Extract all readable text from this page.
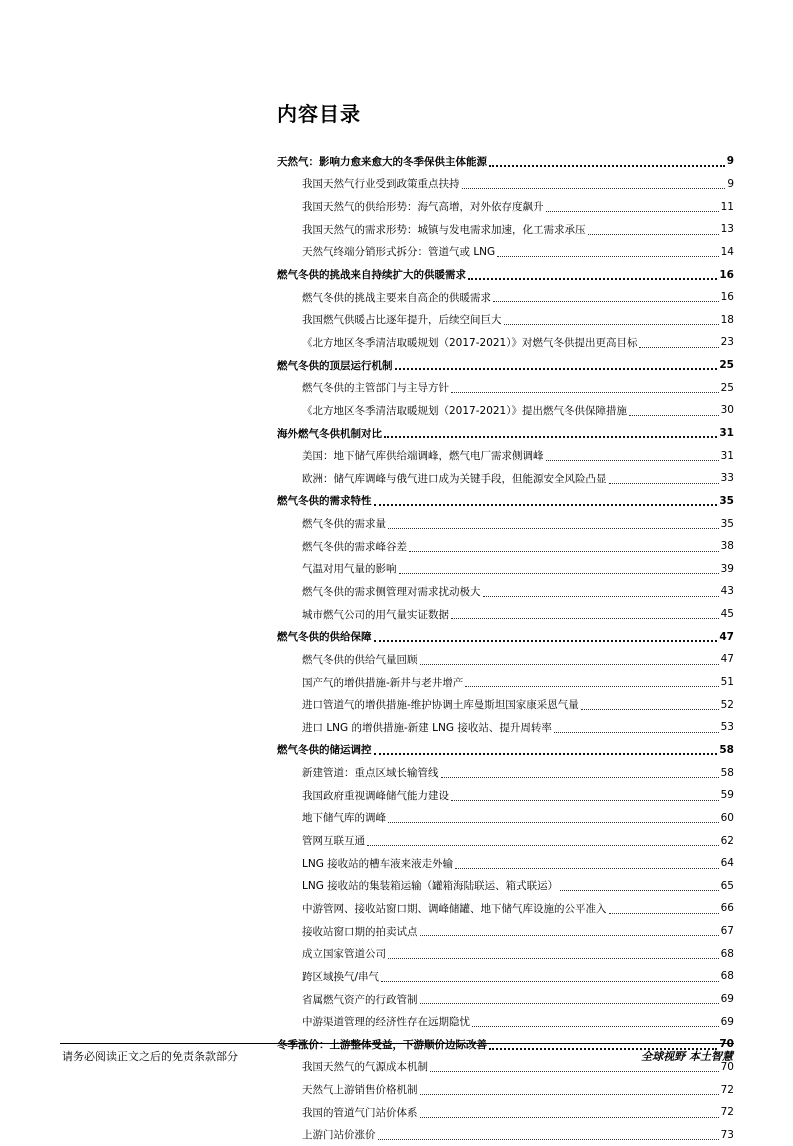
内容目录
天然气：影响力愈来愈大的冬季保供主体能源	9
我国天然气行业受到政策重点扶持	9
我国天然气的供给形势：海气高增，对外依存度飙升	11
我国天然气的需求形势：城镇与发电需求加速，化工需求承压	13
天然气终端分销形式拆分：管道气或 LNG	14
燃气冬供的挑战来自持续扩大的供暖需求	16
燃气冬供的挑战主要来自高企的供暖需求	16
我国燃气供暖占比逐年提升，后续空间巨大	18
《北方地区冬季清洁取暖规划（2017-2021）》对燃气冬供提出更高目标	23
燃气冬供的顶层运行机制	25
燃气冬供的主管部门与主导方针	25
《北方地区冬季清洁取暖规划（2017-2021）》提出燃气冬供保障措施	30
海外燃气冬供机制对比	31
美国：地下储气库供给端调峰，燃气电厂需求侧调峰	31
欧洲：储气库调峰与俄气进口成为关键手段，但能源安全风险凸显	33
燃气冬供的需求特性	35
燃气冬供的需求量	35
燃气冬供的需求峰谷差	38
气温对用气量的影响	39
燃气冬供的需求侧管理对需求扰动极大	43
城市燃气公司的用气量实证数据	45
燃气冬供的供给保障	47
燃气冬供的供给气量回顾	47
国产气的增供措施-新井与老井增产	51
进口管道气的增供措施-维护协调土库曼斯坦国家康采恩气量	52
进口 LNG 的增供措施-新建 LNG 接收站、提升周转率	53
燃气冬供的储运调控	58
新建管道：重点区域长输管线	58
我国政府重视调峰储气能力建设	59
地下储气库的调峰	60
管网互联互通	62
LNG 接收站的槽车液来液走外输	64
LNG 接收站的集装箱运输（罐箱海陆联运、箱式联运）	65
中游管网、接收站窗口期、调峰储罐、地下储气库设施的公平准入	66
接收站窗口期的拍卖试点	67
成立国家管道公司	68
跨区域换气/串气	68
省属燃气资产的行政管制	69
中游渠道管理的经济性存在远期隐忧	69
冬季涨价：上游整体受益，下游顺价边际改善	70
我国天然气的气源成本机制	70
天然气上游销售价格机制	72
我国的管道气门站价体系	72
上游门站价涨价	73
请务必阅读正文之后的免责条款部分	全球视野 本土智慧
